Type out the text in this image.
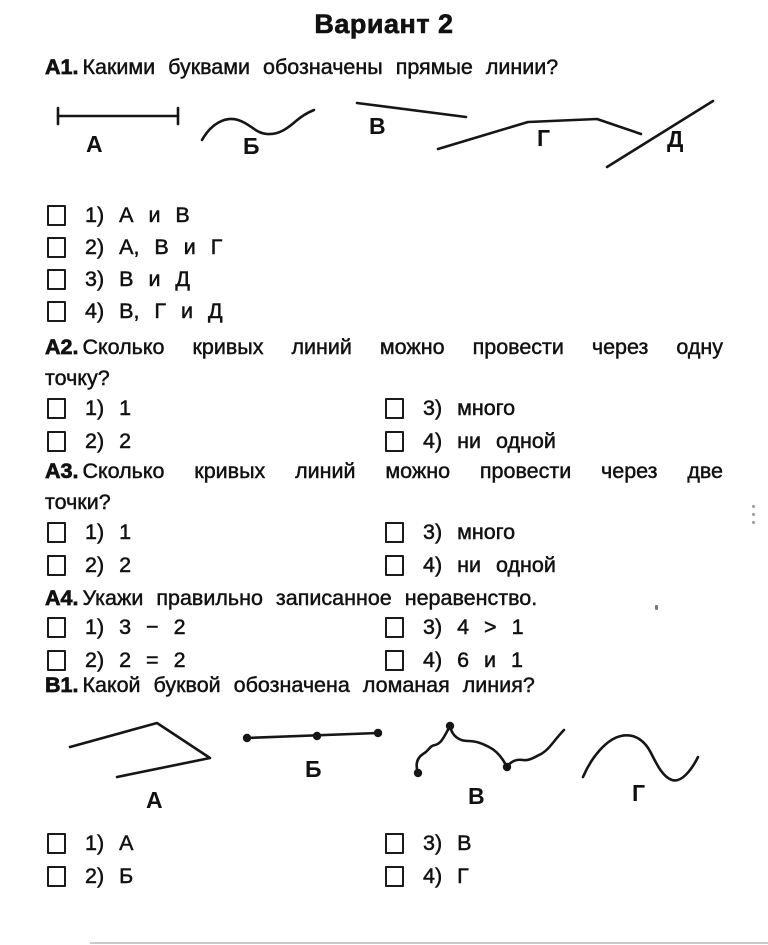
Вариант 2
А1. Какими буквами обозначены прямые линии?
А	Б
В	Г	Д
1) А и В
2) А, В и Г
3) В и Д
4) В, Г и Д
А2. Сколько кривых линий можно провести через одну
точку?
1) 1	3) много
2) 2	4) ни одной
А3. Сколько кривых линий можно провести через две
точки?
1) 1	3) много
2) 2	4) ни одной
А4. Укажи правильно записанное неравенство.
1) 3 − 2	3) 4 > 1
2) 2 = 2	4) 6 и 1
В1. Какой буквой обозначена ломаная линия?
А
Б
В	Г
1) А	3) В
2) Б	4) Г
